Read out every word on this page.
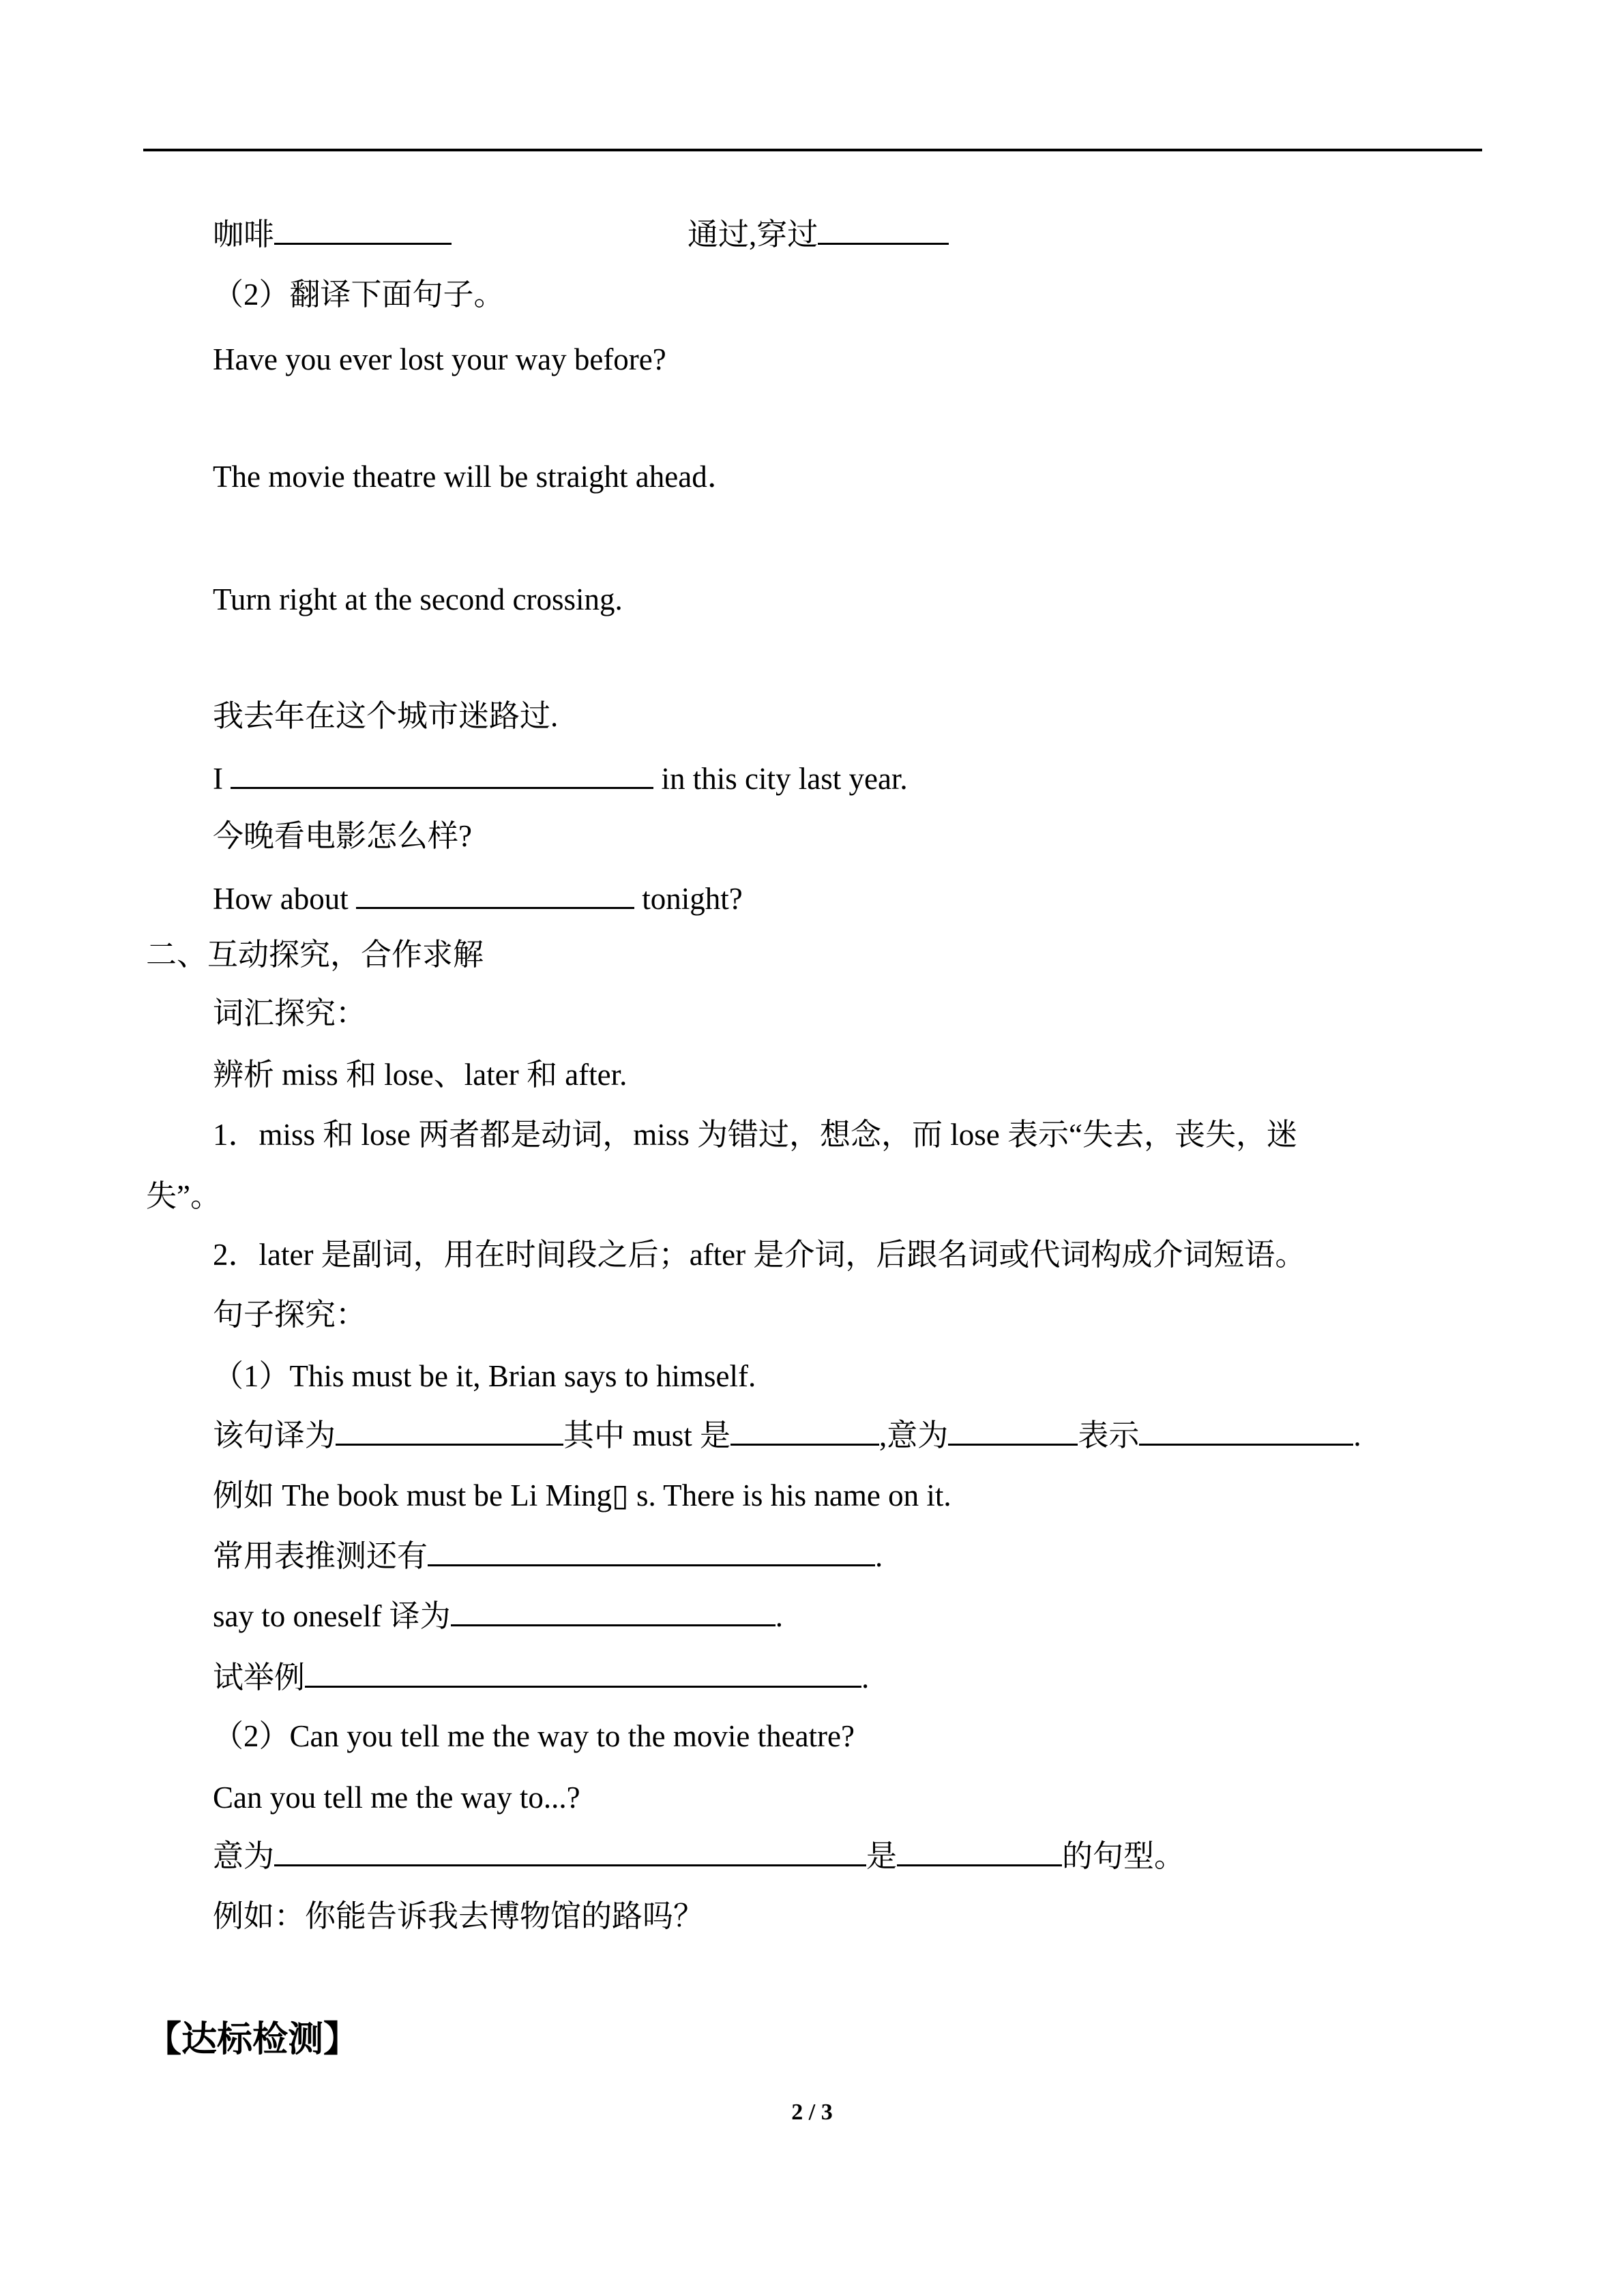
咖啡	通过,穿过
（2）翻译下面句子。
Have you ever lost your way before?
The movie theatre will be straight ahead．
Turn right at the second crossing.
我去年在这个城市迷路过.
I	in this city last year.
今晚看电影怎么样?
How about	tonight?
二、互动探究，合作求解
词汇探究：
辨析 miss 和 lose、later 和 after.
1．miss 和 lose 两者都是动词，miss 为错过，想念，而 lose 表示“失去，丧失，迷
失”。
2．later 是副词，用在时间段之后；after 是介词，后跟名词或代词构成介词短语。
句子探究：
（1）This must be it, Brian says to himself.
该句译为	其中 must 是	,意为	表示	.
例如 The book must be Li Ming▯ s. There is his name on it.
常用表推测还有	.
say to oneself 译为	.
试举例	.
（2）Can you tell me the way to the movie theatre?
Can you tell me the way to...?
意为	是	的句型。
例如：你能告诉我去博物馆的路吗？
【达标检测】
2 / 3
